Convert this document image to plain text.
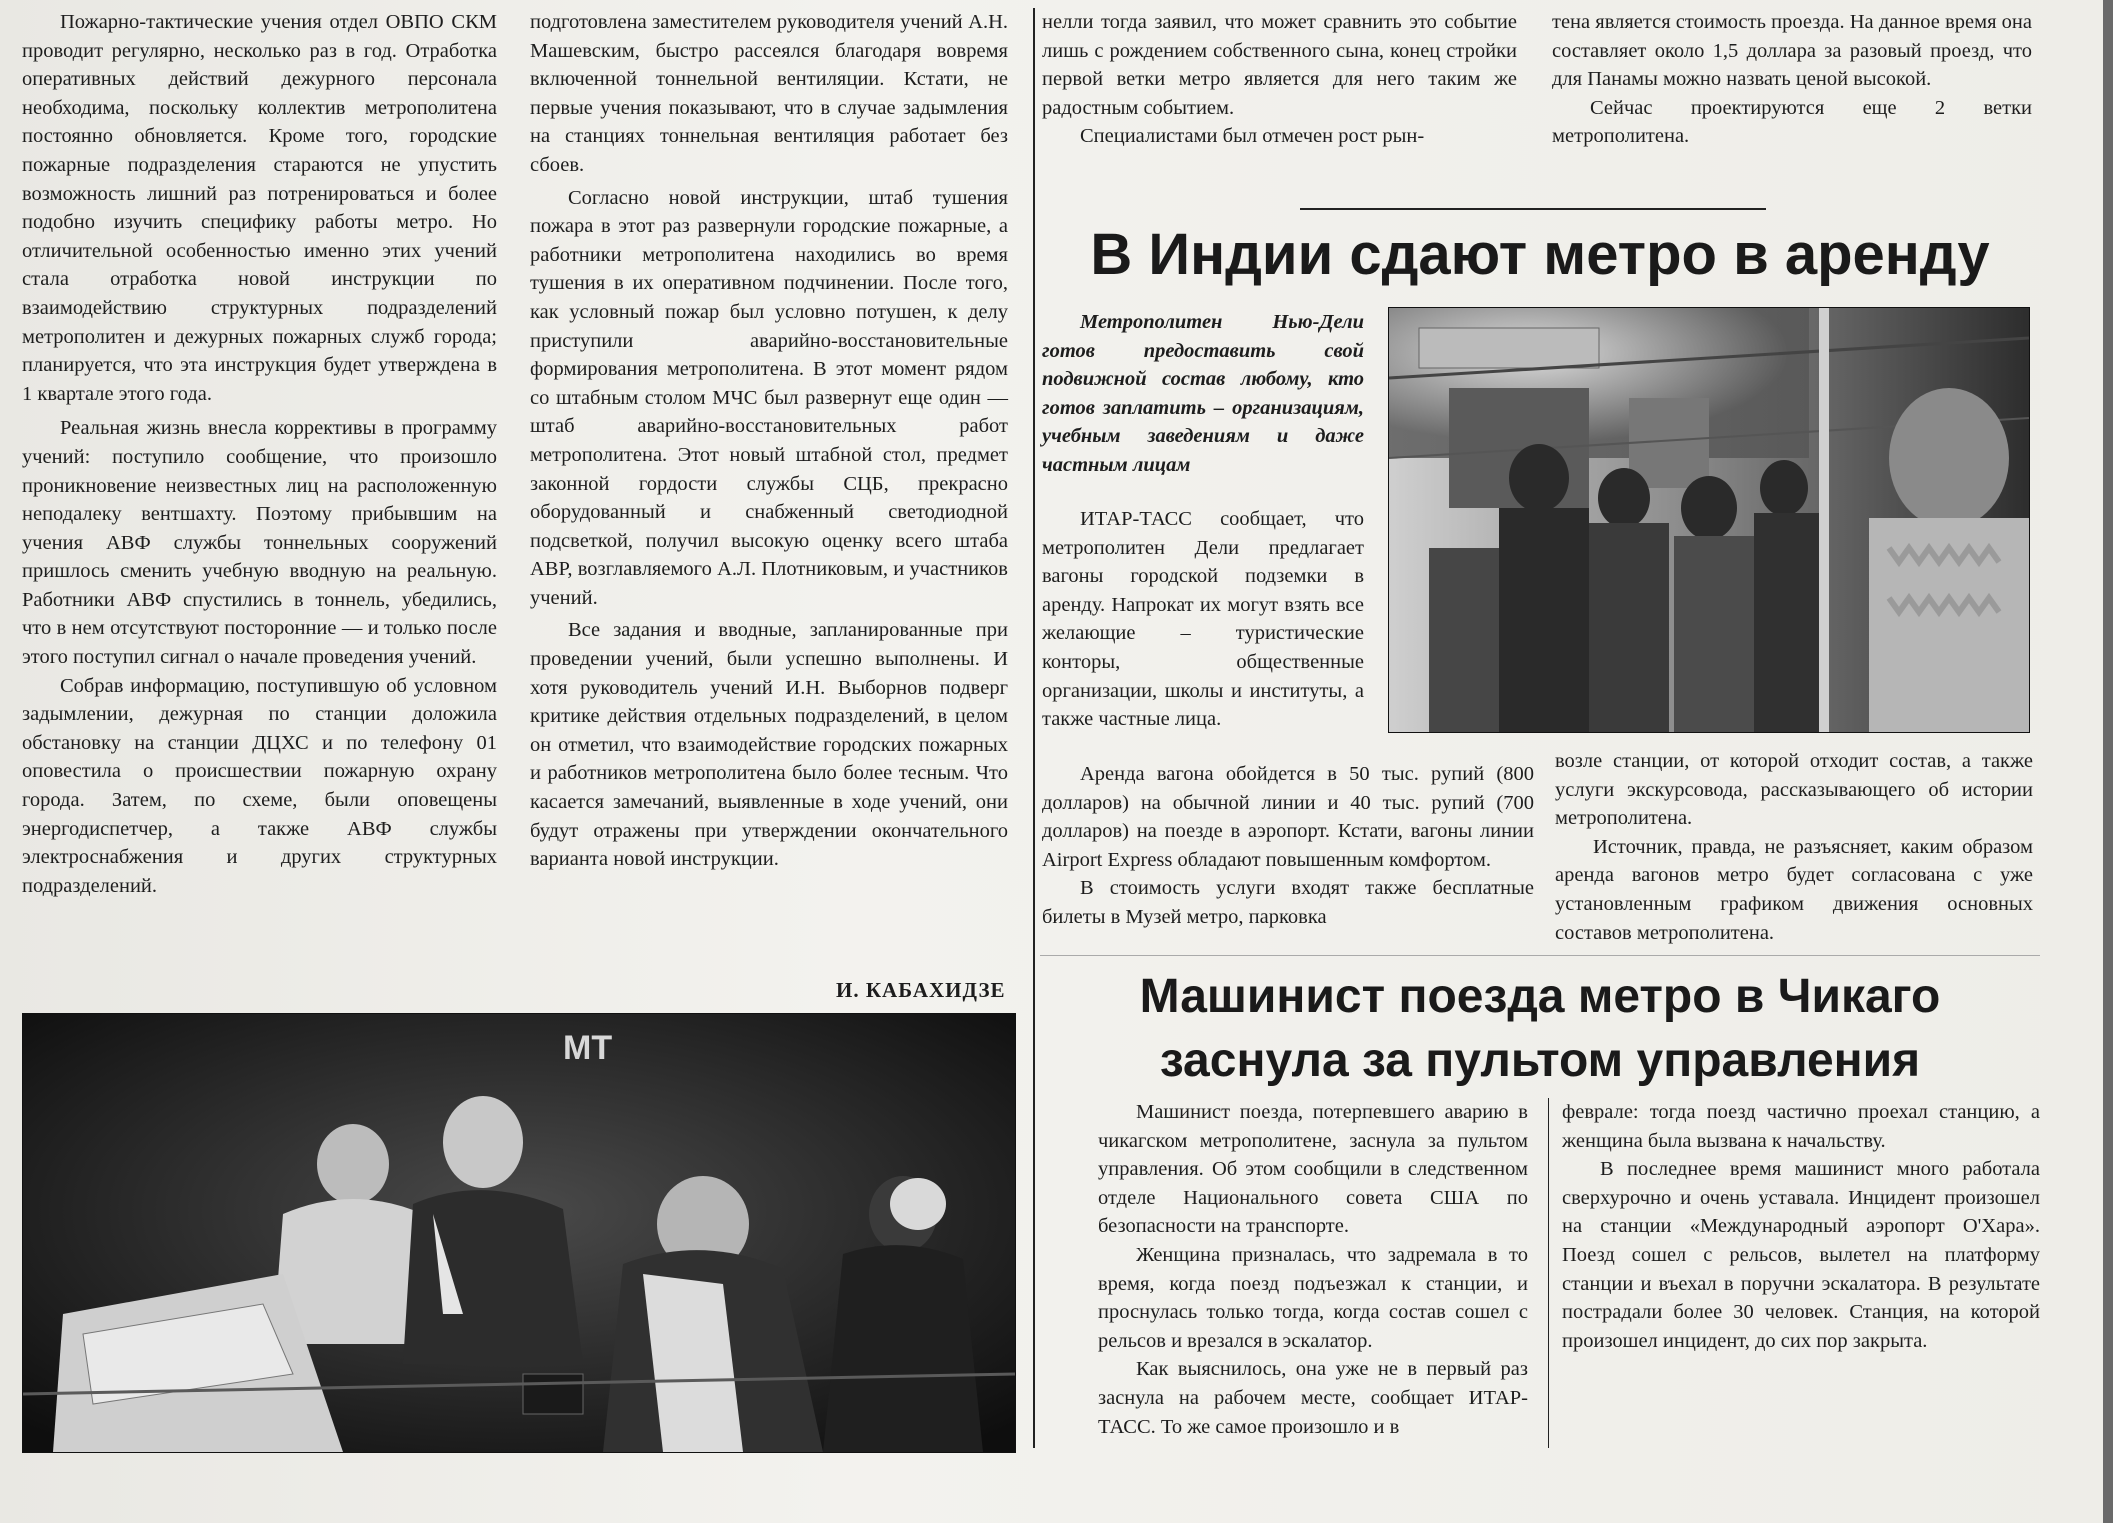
Пожарно-тактические учения отдел ОВПО СКМ проводит регулярно, несколько раз в год. Отработка оперативных действий дежурного персонала необходима, поскольку коллектив метрополитена постоянно обновляется. Кроме того, городские пожарные подразделения стараются не упустить возможность лишний раз потренироваться и более подобно изучить специфику работы метро. Но отличительной особенностью именно этих учений стала отработка новой инструкции по взаимодействию структурных подразделений метрополитен и дежурных пожарных служб города; планируется, что эта инструкция будет утверждена в 1 квартале этого года.

Реальная жизнь внесла коррективы в программу учений: поступило сообщение, что произошло проникновение неизвестных лиц на расположенную неподалеку вентшахту. Поэтому прибывшим на учения АВФ службы тоннельных сооружений пришлось сменить учебную вводную на реальную. Работники АВФ спустились в тоннель, убедились, что в нем отсутствуют посторонние — и только после этого поступил сигнал о начале проведения учений.

Собрав информацию, поступившую об условном задымлении, дежурная по станции доложила обстановку на станции ДЦХС и по телефону 01 оповестила о происшествии пожарную охрану города. Затем, по схеме, были оповещены энергодиспетчер, а также АВФ службы электроснабжения и других структурных подразделений.

подготовлена заместителем руководителя учений А.Н. Машевским, быстро рассеялся благодаря вовремя включенной тоннельной вентиляции. Кстати, не первые учения показывают, что в случае задымления на станциях тоннельная вентиляция работает без сбоев.

Согласно новой инструкции, штаб тушения пожара в этот раз развернули городские пожарные, а работники метрополитена находились во время тушения в их оперативном подчинении. После того, как условный пожар был условно потушен, к делу приступили аварийно-восстановительные формирования метрополитена. В этот момент рядом со штабным столом МЧС был развернут еще один — штаб аварийно-восстановительных работ метрополитена. Этот новый штабной стол, предмет законной гордости службы СЦБ, прекрасно оборудованный и снабженный светодиодной подсветкой, получил высокую оценку всего штаба АВР, возглавляемого А.Л. Плотниковым, и участников учений.

Все задания и вводные, запланированные при проведении учений, были успешно выполнены. И хотя руководитель учений И.Н. Выборнов подверг критике действия отдельных подразделений, в целом он отметил, что взаимодействие городских пожарных и работников метрополитена было более тесным. Что касается замечаний, выявленные в ходе учений, они будут отражены при утверждении окончательного варианта новой инструкции.

И. КАБАХИДЗЕ

нелли тогда заявил, что может сравнить это событие лишь с рождением собственного сына, конец стройки первой ветки метро является для него таким же радостным событием.

Специалистами был отмечен рост рын-

тена является стоимость проезда. На данное время она составляет около 1,5 доллара за разовый проезд, что для Панамы можно назвать ценой высокой.

Сейчас проектируются еще 2 ветки метрополитена.

В Индии сдают метро в аренду

Метрополитен Нью-Дели готов предоставить свой подвижной состав любому, кто готов заплатить – организациям, учебным заведениям и даже частным лицам

ИТАР-ТАСС сообщает, что метрополитен Дели предлагает вагоны городской подземки в аренду. Напрокат их могут взять все желающие – туристические конторы, общественные организации, школы и институты, а также частные лица.

Аренда вагона обойдется в 50 тыс. рупий (800 долларов) на обычной линии и 40 тыс. рупий (700 долларов) на поезде в аэропорт. Кстати, вагоны линии Airport Express обладают повышенным комфортом.

В стоимость услуги входят также бесплатные билеты в Музей метро, парковка

возле станции, от которой отходит состав, а также услуги экскурсовода, рассказывающего об истории метрополитена.

Источник, правда, не разъясняет, каким образом аренда вагонов метро будет согласована с уже установленным графиком движения основных составов метрополитена.

Машинист поезда метро в Чикаго
заснула за пультом управления

Машинист поезда, потерпевшего аварию в чикагском метрополитене, заснула за пультом управления. Об этом сообщили в следственном отделе Национального совета США по безопасности на транспорте.

Женщина призналась, что задремала в то время, когда поезд подъезжал к станции, и проснулась только тогда, когда состав сошел с рельсов и врезался в эскалатор.

Как выяснилось, она уже не в первый раз заснула на рабочем месте, сообщает ИТАР-ТАСС. То же самое произошло и в

феврале: тогда поезд частично проехал станцию, а женщина была вызвана к начальству.

В последнее время машинист много работала сверхурочно и очень уставала. Инцидент произошел на станции «Международный аэропорт О'Хара». Поезд сошел с рельсов, вылетел на платформу станции и въехал в поручни эскалатора. В результате пострадали более 30 человек. Станция, на которой произошел инцидент, до сих пор закрыта.

МТ
